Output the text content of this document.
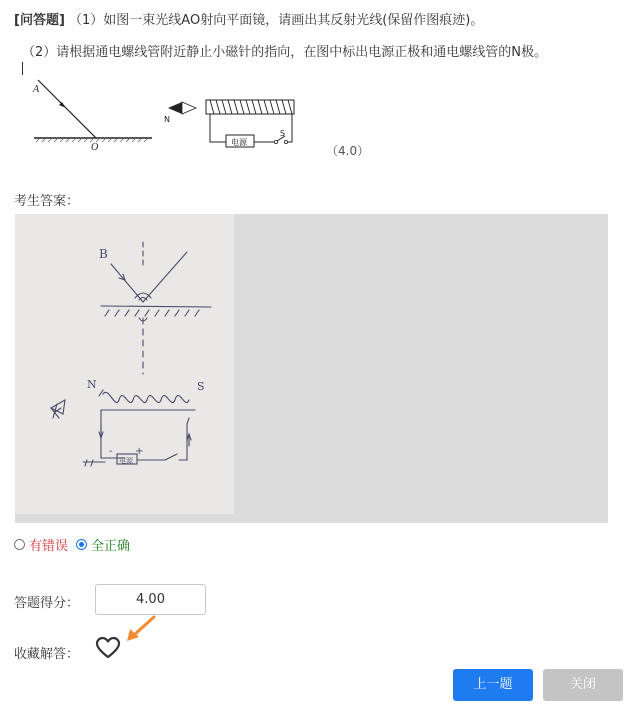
[问答题] （1）如图一束光线AO射向平面镜，请画出其反射光线(保留作图痕迹)。
（2）请根据通电螺线管附近静止小磁针的指向，在图中标出电源正极和通电螺线管的N极。
A
O
N
电源
S
（4.0）
考生答案：
B
N	S
- +
电源
有错误 全正确
答题得分：
4.00
收藏解答：
上一题	关闭
